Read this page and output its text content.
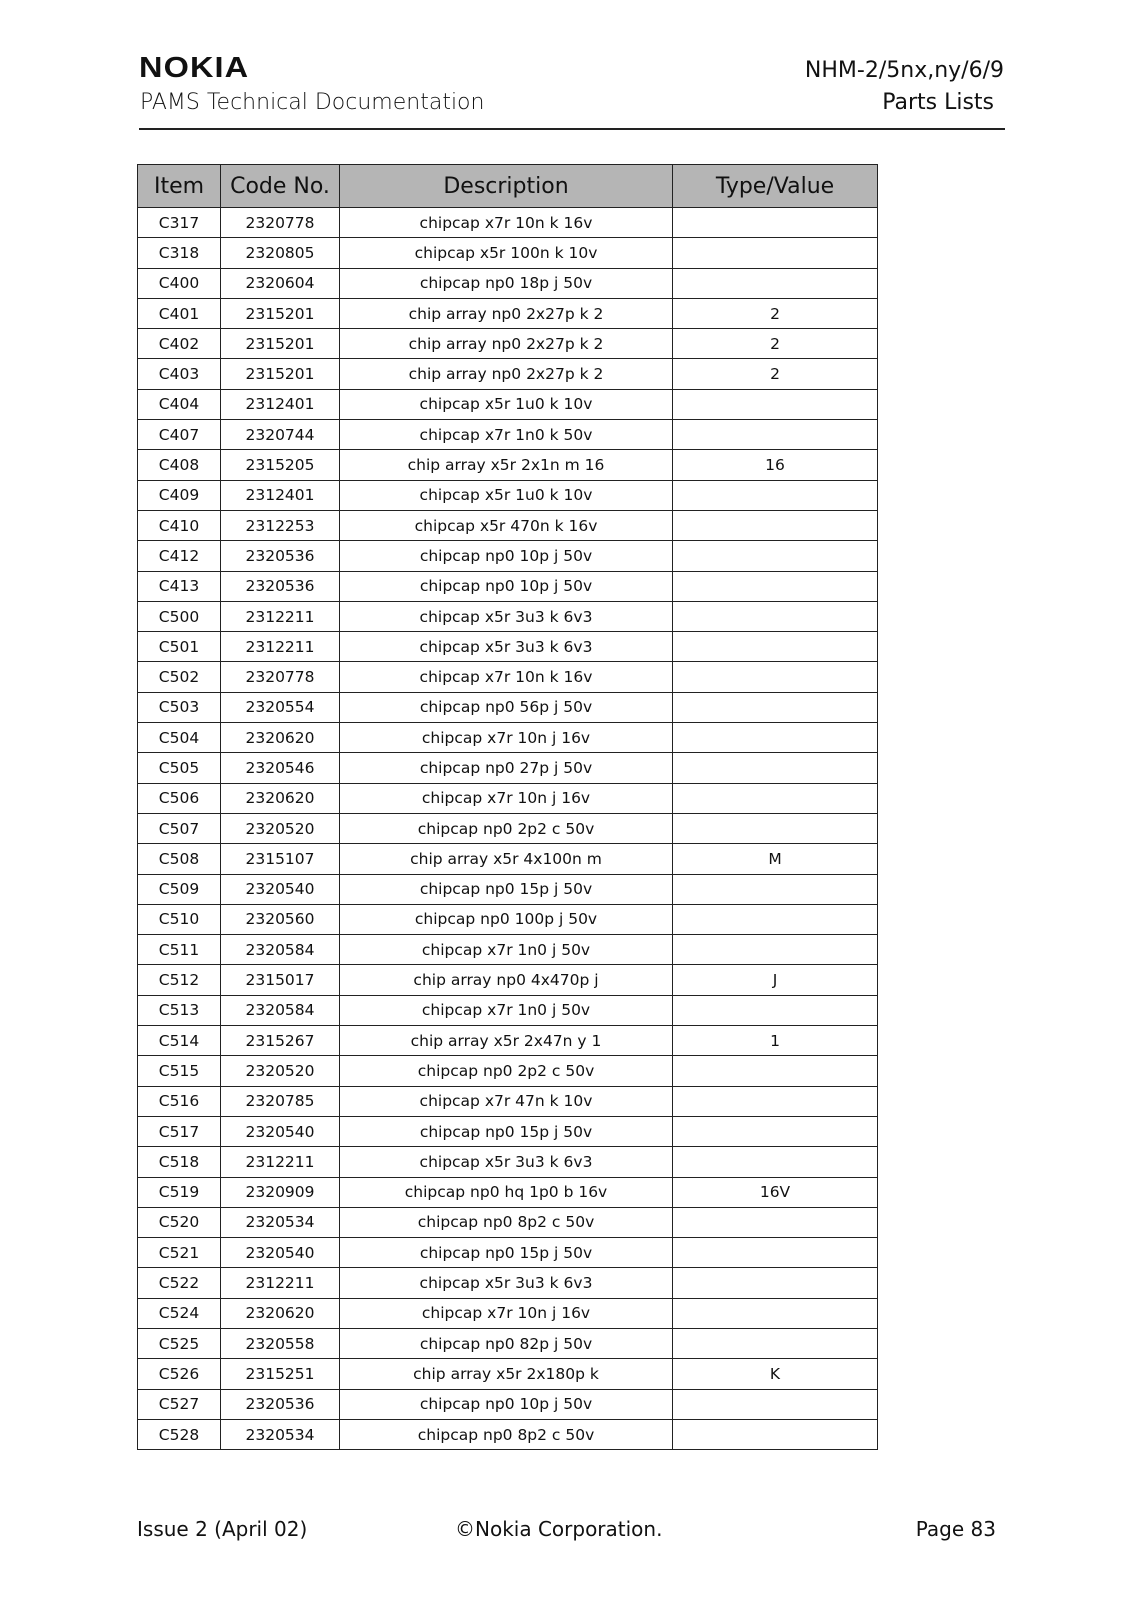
NOKIA
PAMS Technical Documentation
NHM-2/5nx,ny/6/9
Parts Lists
Item	Code No.	Description	Type/Value
C317	2320778	chipcap x7r 10n k 16v	
C318	2320805	chipcap x5r 100n k 10v	
C400	2320604	chipcap np0 18p j 50v	
C401	2315201	chip array np0 2x27p k 2	2
C402	2315201	chip array np0 2x27p k 2	2
C403	2315201	chip array np0 2x27p k 2	2
C404	2312401	chipcap x5r 1u0 k 10v	
C407	2320744	chipcap x7r 1n0 k 50v	
C408	2315205	chip array x5r 2x1n m 16	16
C409	2312401	chipcap x5r 1u0 k 10v	
C410	2312253	chipcap x5r 470n k 16v	
C412	2320536	chipcap np0 10p j 50v	
C413	2320536	chipcap np0 10p j 50v	
C500	2312211	chipcap x5r 3u3 k 6v3	
C501	2312211	chipcap x5r 3u3 k 6v3	
C502	2320778	chipcap x7r 10n k 16v	
C503	2320554	chipcap np0 56p j 50v	
C504	2320620	chipcap x7r 10n j 16v	
C505	2320546	chipcap np0 27p j 50v	
C506	2320620	chipcap x7r 10n j 16v	
C507	2320520	chipcap np0 2p2 c 50v	
C508	2315107	chip array x5r 4x100n m	M
C509	2320540	chipcap np0 15p j 50v	
C510	2320560	chipcap np0 100p j 50v	
C511	2320584	chipcap x7r 1n0 j 50v	
C512	2315017	chip array np0 4x470p j	J
C513	2320584	chipcap x7r 1n0 j 50v	
C514	2315267	chip array x5r 2x47n y 1	1
C515	2320520	chipcap np0 2p2 c 50v	
C516	2320785	chipcap x7r 47n k 10v	
C517	2320540	chipcap np0 15p j 50v	
C518	2312211	chipcap x5r 3u3 k 6v3	
C519	2320909	chipcap np0 hq 1p0 b 16v	16V
C520	2320534	chipcap np0 8p2 c 50v	
C521	2320540	chipcap np0 15p j 50v	
C522	2312211	chipcap x5r 3u3 k 6v3	
C524	2320620	chipcap x7r 10n j 16v	
C525	2320558	chipcap np0 82p j 50v	
C526	2315251	chip array x5r 2x180p k	K
C527	2320536	chipcap np0 10p j 50v	
C528	2320534	chipcap np0 8p2 c 50v	
Issue 2 (April 02)	©Nokia Corporation.	Page 83
